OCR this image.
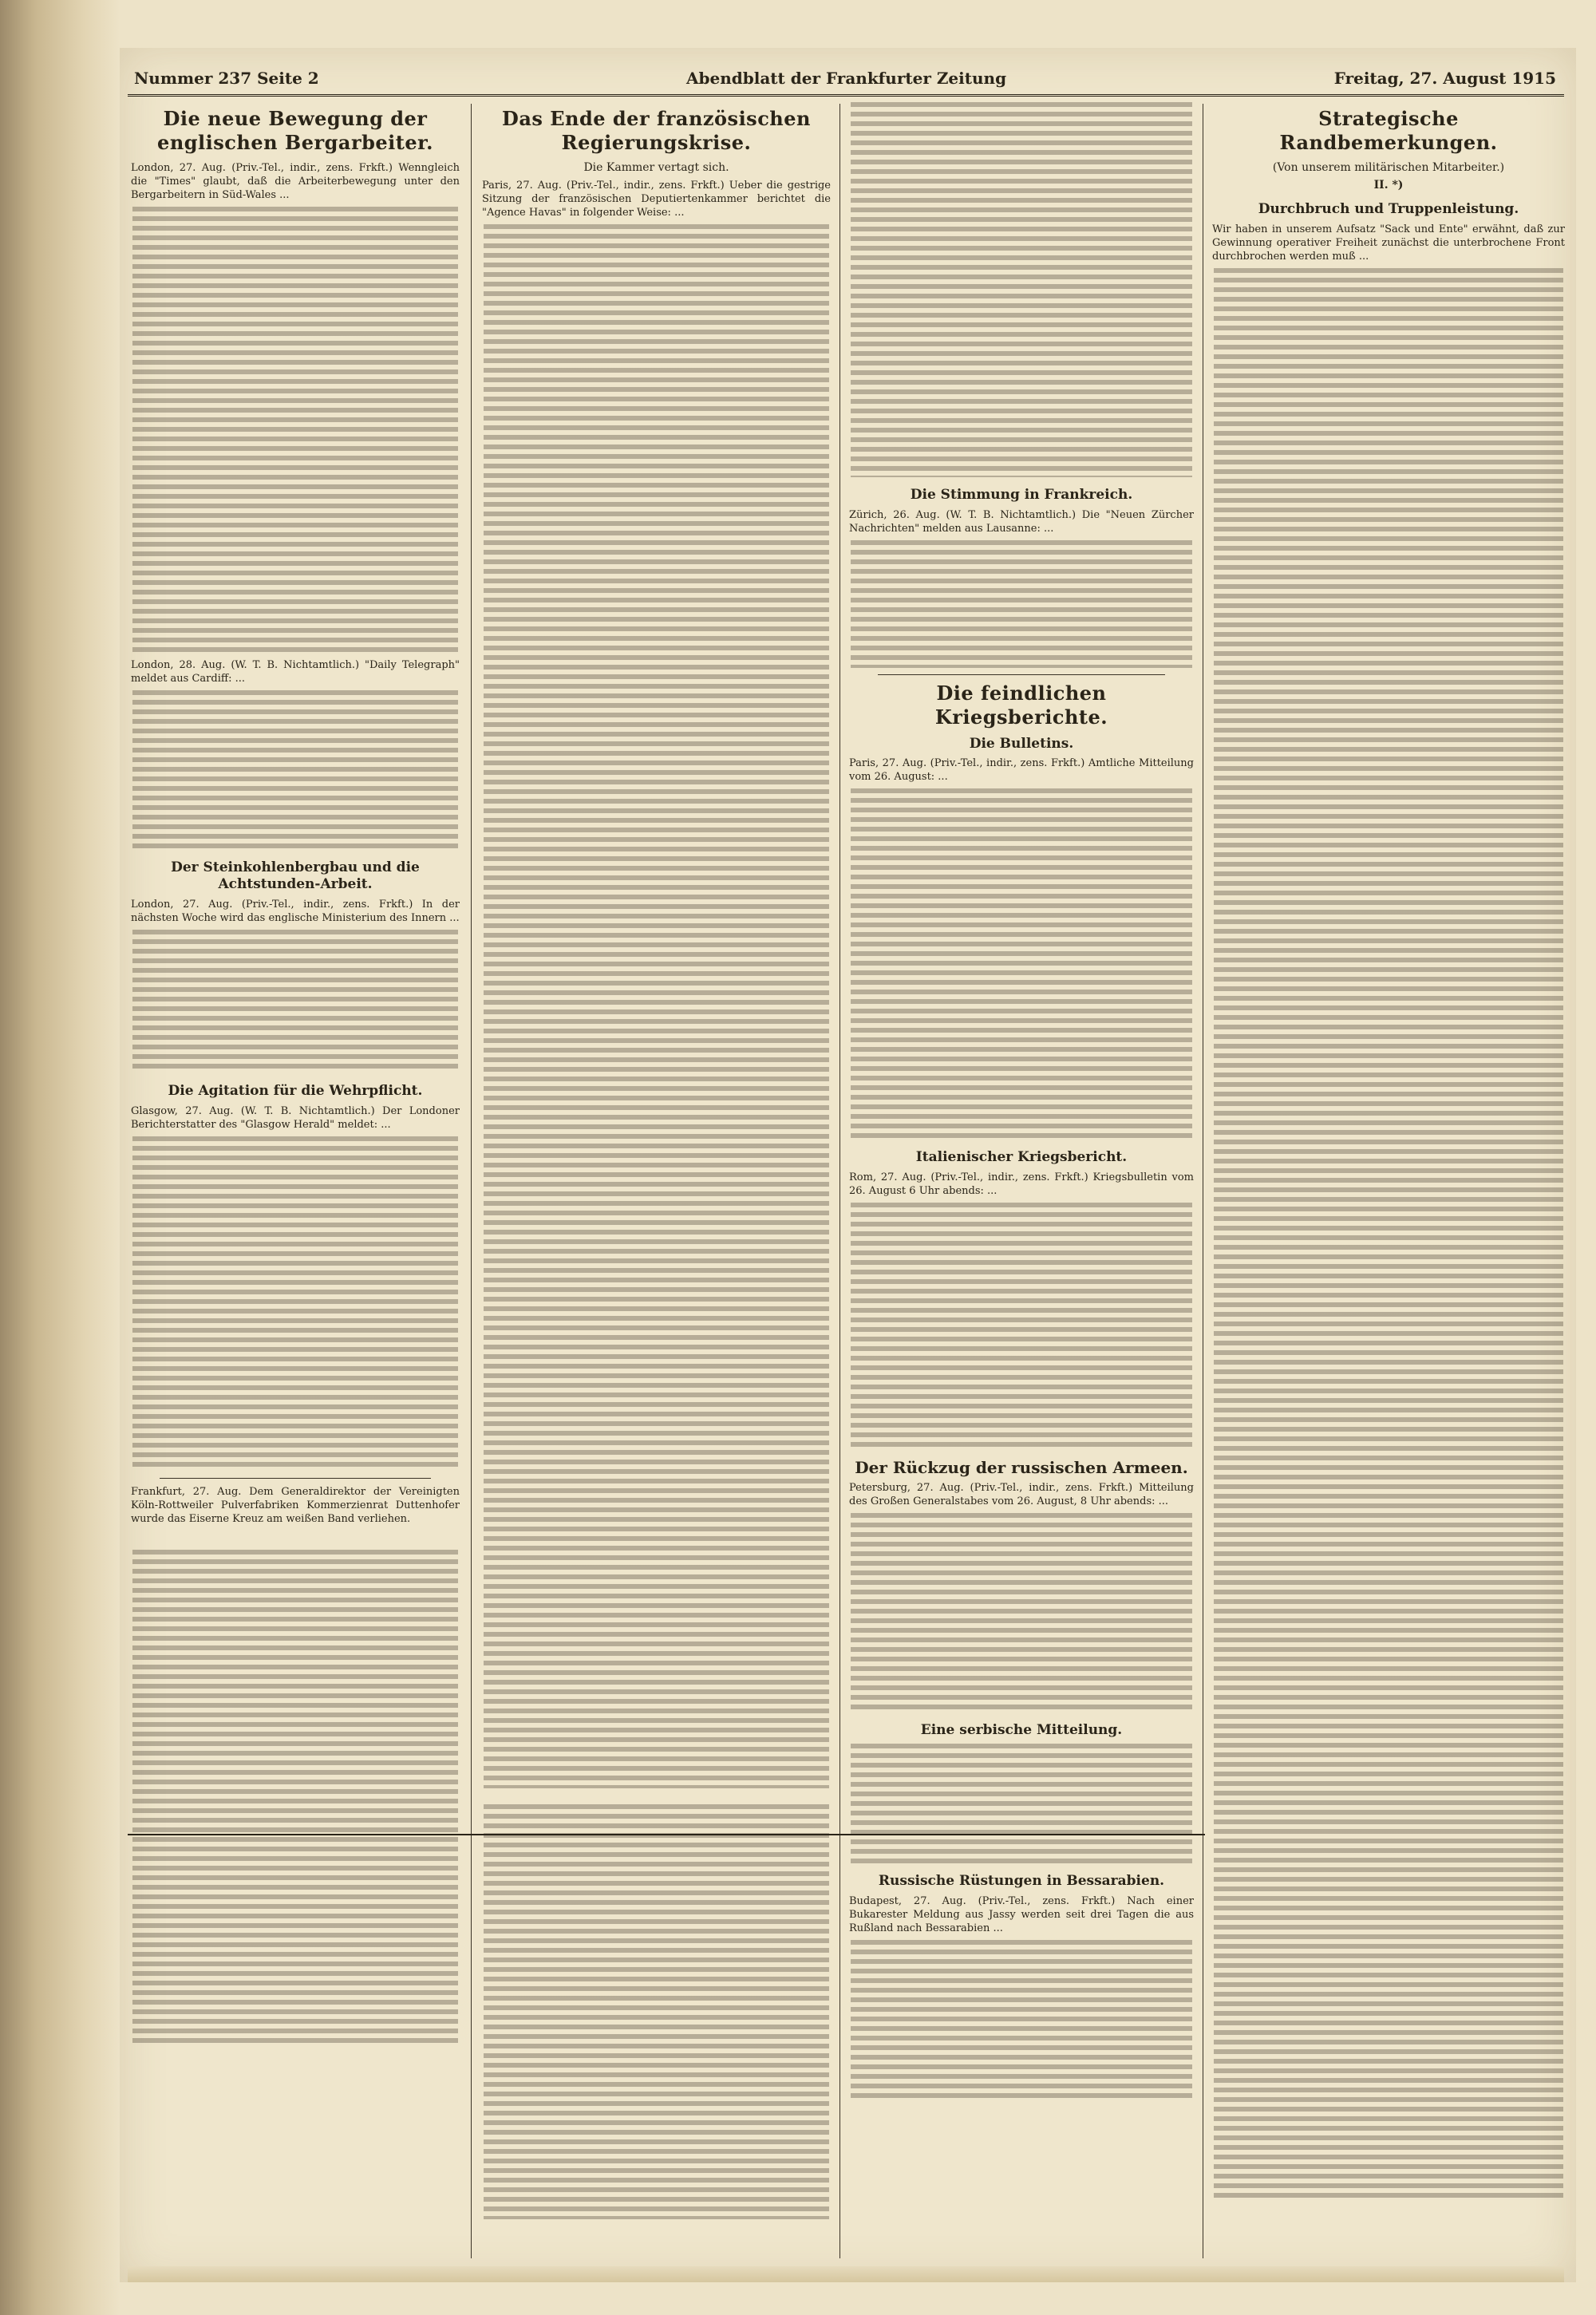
Nummer 237 Seite 2	Abendblatt der Frankfurter Zeitung	Freitag, 27. August 1915
Die neue Bewegung der englischen Bergarbeiter.

London, 27. Aug. (Priv.-Tel., indir., zens. Frkft.) Wenngleich die "Times" glaubt, daß die Arbeiterbewegung unter den Bergarbeitern in Süd-Wales ...

London, 28. Aug. (W. T. B. Nichtamtlich.) "Daily Telegraph" meldet aus Cardiff: ...

Der Steinkohlenbergbau und die Achtstunden-Arbeit.

London, 27. Aug. (Priv.-Tel., indir., zens. Frkft.) In der nächsten Woche wird das englische Ministerium des Innern ...

Die Agitation für die Wehrpflicht.

Glasgow, 27. Aug. (W. T. B. Nichtamtlich.) Der Londoner Berichterstatter des "Glasgow Herald" meldet: ...

Frankfurt, 27. Aug. Dem Generaldirektor der Vereinigten Köln-Rottweiler Pulverfabriken Kommerzienrat Duttenhofer wurde das Eiserne Kreuz am weißen Band verliehen.

Das Ende der französischen Regierungskrise.
Die Kammer vertagt sich.

Paris, 27. Aug. (Priv.-Tel., indir., zens. Frkft.) Ueber die gestrige Sitzung der französischen Deputiertenkammer berichtet die "Agence Havas" in folgender Weise: ...

Die Stimmung in Frankreich.

Zürich, 26. Aug. (W. T. B. Nichtamtlich.) Die "Neuen Zürcher Nachrichten" melden aus Lausanne: ...

Die feindlichen Kriegsberichte.
Die Bulletins.

Paris, 27. Aug. (Priv.-Tel., indir., zens. Frkft.) Amtliche Mitteilung vom 26. August: ...

Italienischer Kriegsbericht.

Rom, 27. Aug. (Priv.-Tel., indir., zens. Frkft.) Kriegsbulletin vom 26. August 6 Uhr abends: ...

Der Rückzug der russischen Armeen.

Petersburg, 27. Aug. (Priv.-Tel., indir., zens. Frkft.) Mitteilung des Großen Generalstabes vom 26. August, 8 Uhr abends: ...

Eine serbische Mitteilung.
Russische Rüstungen in Bessarabien.

Budapest, 27. Aug. (Priv.-Tel., zens. Frkft.) Nach einer Bukarester Meldung aus Jassy werden seit drei Tagen die aus Rußland nach Bessarabien ...

Strategische Randbemerkungen.
(Von unserem militärischen Mitarbeiter.)
II. *)
Durchbruch und Truppenleistung.

Wir haben in unserem Aufsatz "Sack und Ente" erwähnt, daß zur Gewinnung operativer Freiheit zunächst die unterbrochene Front durchbrochen werden muß ...
